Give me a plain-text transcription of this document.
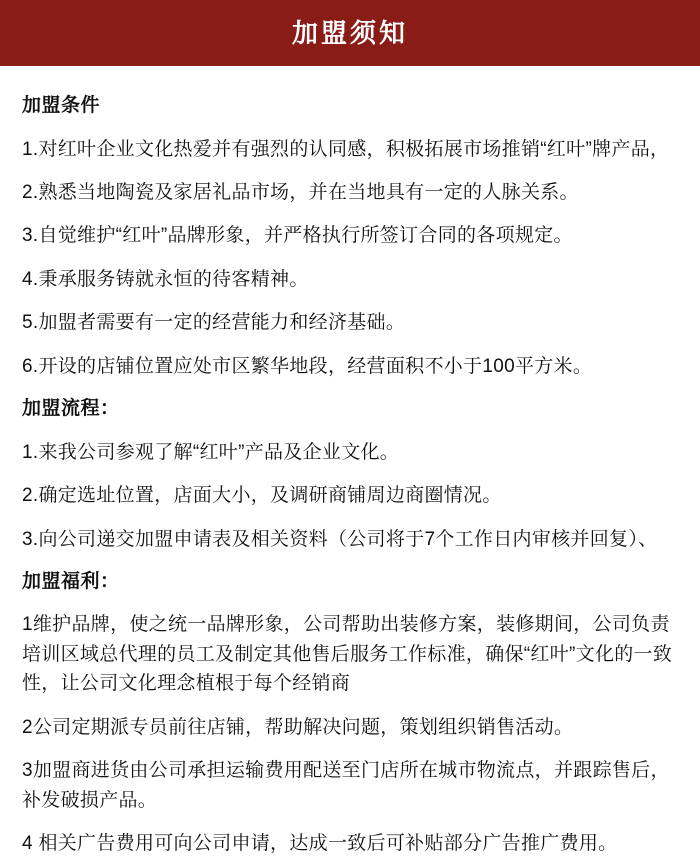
加盟须知
加盟条件

1.对红叶企业文化热爱并有强烈的认同感，积极拓展市场推销“红叶”牌产品，

2.熟悉当地陶瓷及家居礼品市场，并在当地具有一定的人脉关系。

3.自觉维护“红叶”品牌形象，并严格执行所签订合同的各项规定。

4.秉承服务铸就永恒的待客精神。

5.加盟者需要有一定的经营能力和经济基础。

6.开设的店铺位置应处市区繁华地段，经营面积不小于100平方米。

加盟流程：

1.来我公司参观了解“红叶”产品及企业文化。

2.确定选址位置，店面大小，及调研商铺周边商圈情况。

3.向公司递交加盟申请表及相关资料（公司将于7个工作日内审核并回复）、

加盟福利：

1维护品牌，使之统一品牌形象，公司帮助出装修方案，装修期间，公司负责培训区域总代理的员工及制定其他售后服务工作标准，确保“红叶”文化的一致性，让公司文化理念植根于每个经销商

2公司定期派专员前往店铺，帮助解决问题，策划组织销售活动。

3加盟商进货由公司承担运输费用配送至门店所在城市物流点，并跟踪售后，补发破损产品。

4 相关广告费用可向公司申请，达成一致后可补贴部分广告推广费用。
